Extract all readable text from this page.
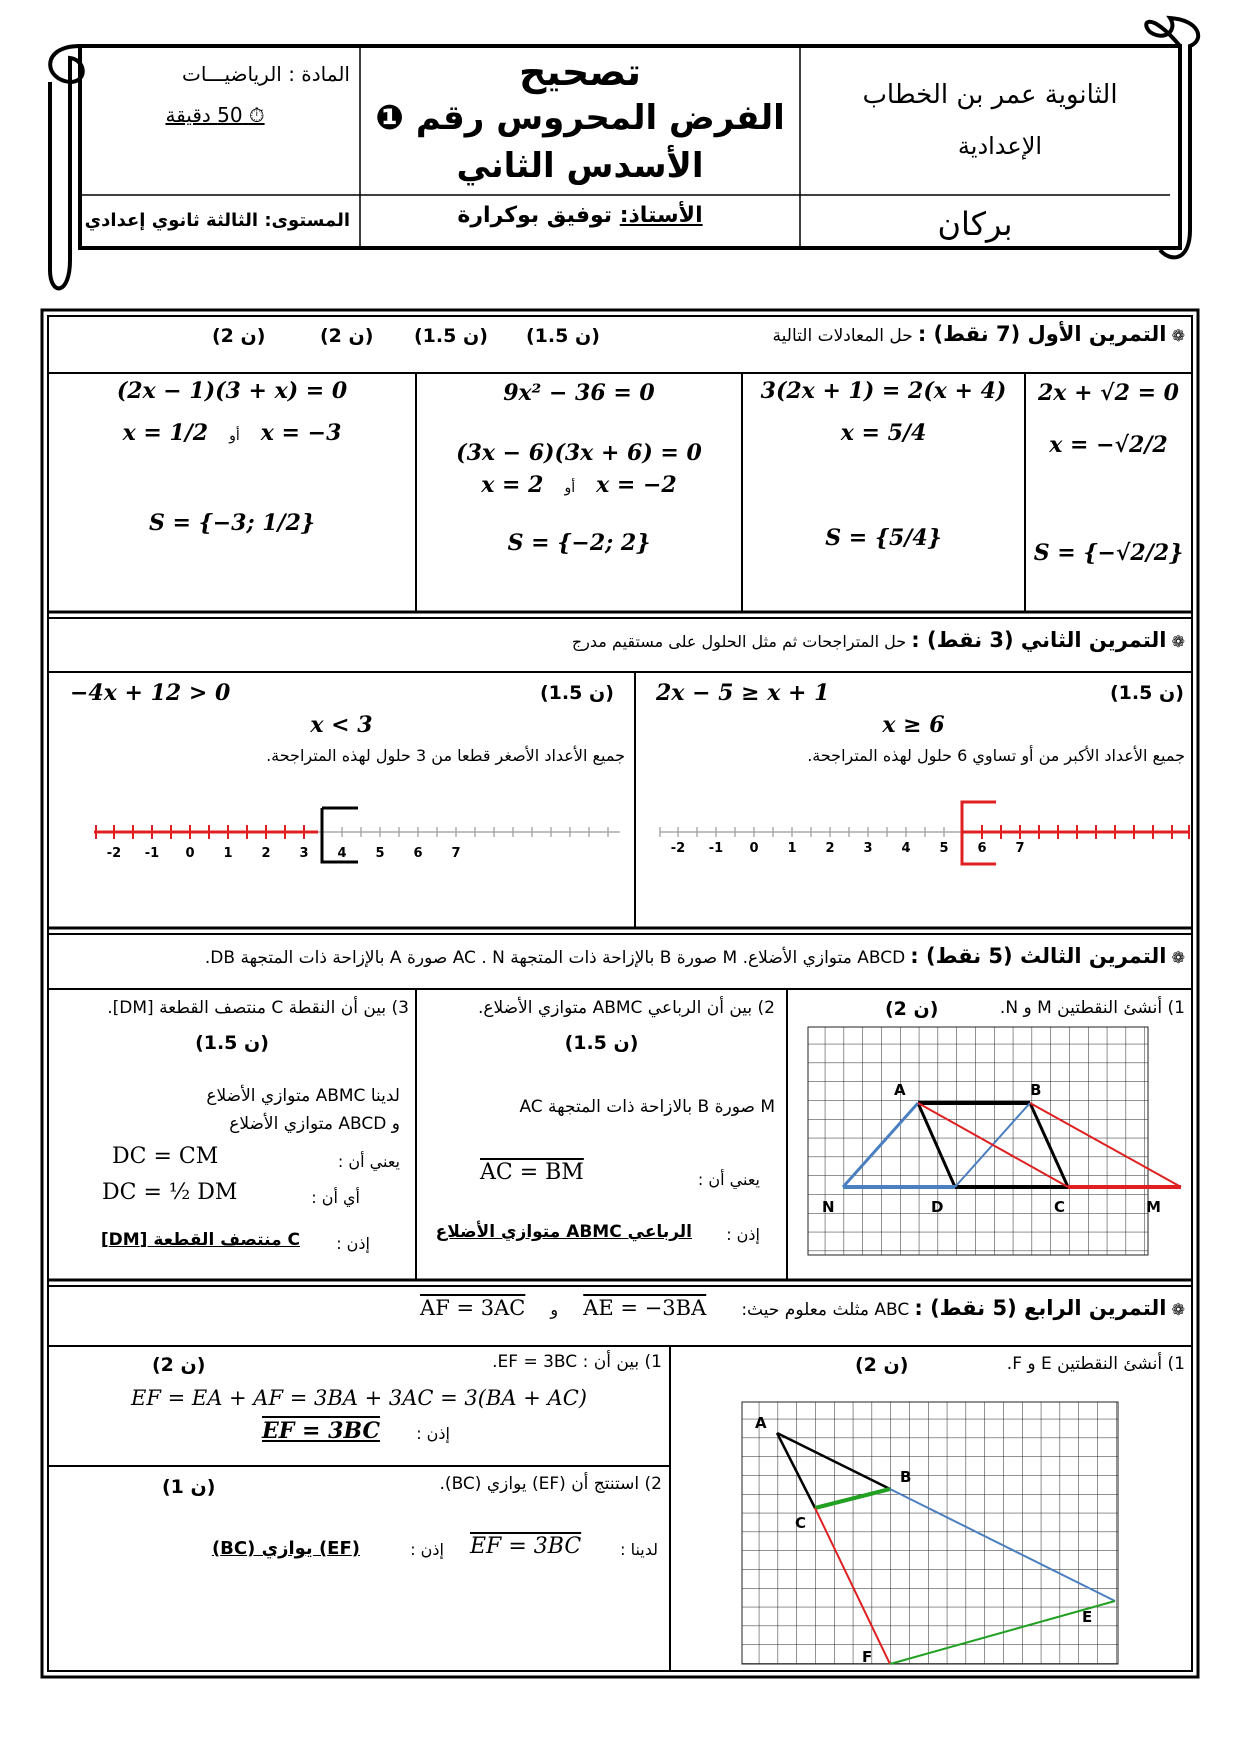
الثانوية عمر بن الخطاب
الإعدادية
بركان
تصحيح
الفرض المحروس رقم ❶
الأسدس الثاني
الأستاذ: توفيق بوكرارة
المادة : الرياضيـــات
⏱ 50 دقيقة
المستوى: الثالثة ثانوي إعدادي
❁ التمرين الأول (7 نقط) : حل المعادلات التالية
(2 ن)	(2 ن) (1.5 ن) (1.5 ن)
2x + √2 = 0
x = −√2/2
S = {−√2/2}
3(2x + 1) = 2(x + 4)
x = 5/4
S = {5/4}
9x² − 36 = 0
(3x − 6)(3x + 6) = 0
x = 2 أو x = −2
S = {−2; 2}
(2x − 1)(3 + x) = 0
x = 1/2 أو x = −3
S = {−3; 1/2}
❁ التمرين الثاني (3 نقط) : حل المتراجحات ثم مثل الحلول على مستقيم مدرج
2x − 5 ≥ x + 1	(1.5 ن)
x ≥ 6
جميع الأعداد الأكبر من أو تساوي 6 حلول لهذه المتراجحة.
−4x + 12 > 0	(1.5 ن)
x < 3
جميع الأعداد الأصغر قطعا من 3 حلول لهذه المتراجحة.
-2 -1 0 1 2 3 4 5 6 7	-2 -1 0 1 2 3 4 5 6 7
❁ التمرين الثالث (5 نقط) : ABCD متوازي الأضلاع. M صورة B بالإزاحة ذات المتجهة AC . N صورة A بالإزاحة ذات المتجهة DB.
1) أنشئ النقطتين M و N.
(2 ن)
A	B
C
D	M
N
2) بين أن الرباعي ABMC متوازي الأضلاع.
(1.5 ن)
M صورة B بالازاحة ذات المتجهة AC
يعني أن :
AC = BM
إذن :
الرباعي ABMC متوازي الأضلاع
3) بين أن النقطة C منتصف القطعة [DM].
(1.5 ن)
لدينا ABMC متوازي الأضلاع
و ABCD متوازي الأضلاع
يعني أن :
DC = CM
أي أن :
DC = ½ DM
إذن :
C منتصف القطعة [DM]
❁ التمرين الرابع (5 نقط) : ABC مثلث معلوم حيث: AE = −3BA و AF = 3AC
1) أنشئ النقطتين E و F.
(2 ن)
A
B
C
E
F
1) بين أن : EF = 3BC.
(2 ن)
EF = EA + AF = 3BA + 3AC = 3(BA + AC)
إذن :
EF = 3BC
2) استنتج أن (EF) يوازي (BC).
(1 ن)
لدينا :
EF = 3BC
إذن :
(EF) يوازي (BC)
